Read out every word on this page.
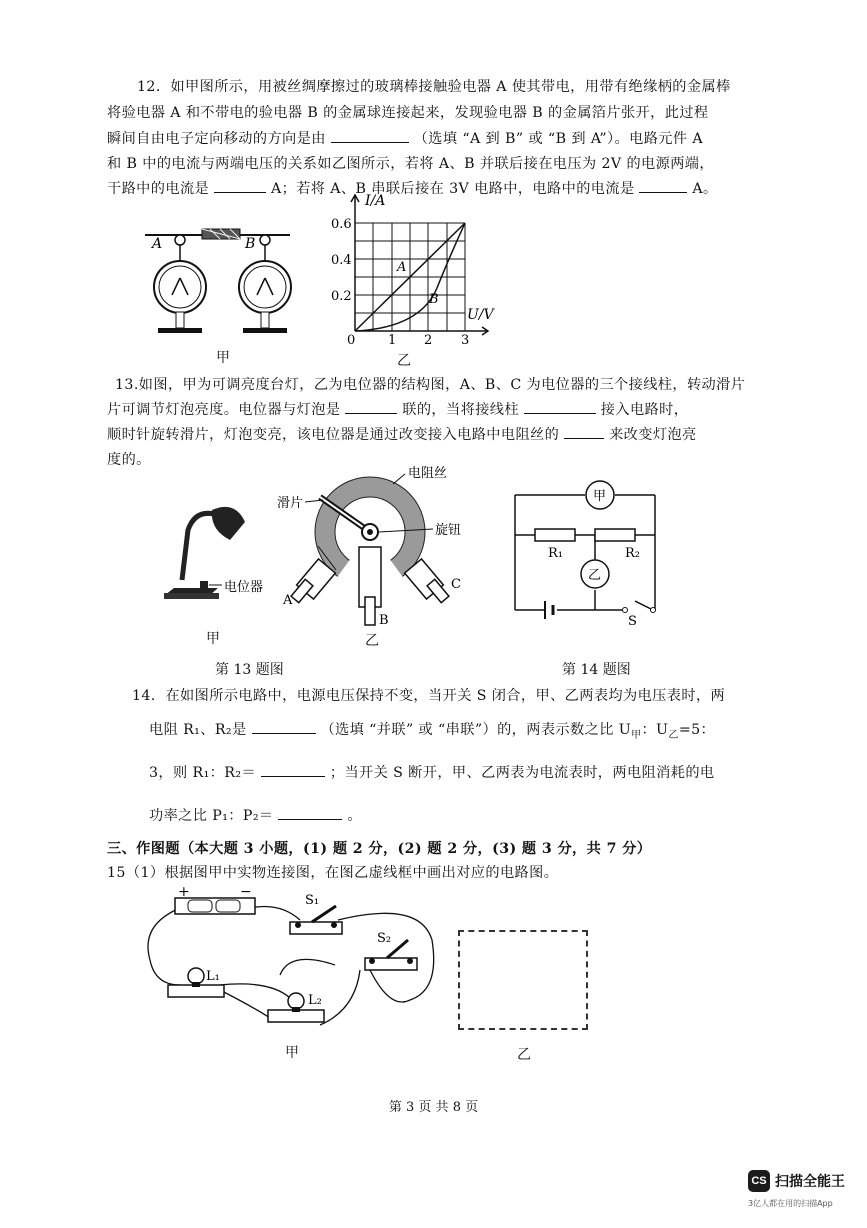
12．如甲图所示，用被丝绸摩擦过的玻璃棒接触验电器 A 使其带电，用带有绝缘柄的金属棒
将验电器 A 和不带电的验电器 B 的金属球连接起来，发现验电器 B 的金属箔片张开，此过程
瞬间自由电子定向移动的方向是由	（选填 “A 到 B” 或 “B 到 A”）。电路元件 A
和 B 中的电流与两端电压的关系如乙图所示，若将 A、B 并联后接在电压为 2V 的电源两端，
干路中的电流是	A；若将 A、B 串联后接在 3V 电路中，电路中的电流是	A。
A	B
甲
I/A
U/V
0.6
0.4
0.2
0	1 2 3
A
B
乙
13.如图，甲为可调亮度台灯，乙为电位器的结构图，A、B、C 为电位器的三个接线柱，转动滑片
片可调节灯泡亮度。电位器与灯泡是	联的，当将接线柱	接入电路时，
顺时针旋转滑片，灯泡变亮，该电位器是通过改变接入电路中电阻丝的	来改变灯泡亮
度的。
电位器
甲
电阻丝
滑片
旋钮
A
B
C
乙
第 13 题图
甲
乙
R₁	R₂
S
第 14 题图
14．在如图所示电路中，电源电压保持不变，当开关 S 闭合，甲、乙两表均为电压表时，两
电阻 R₁、R₂是	（选填 “并联” 或 “串联”）的，两表示数之比 $U_甲$：$U_乙=5$：
3，则 R₁：R₂＝	；当开关 S 断开，甲、乙两表为电流表时，两电阻消耗的电
功率之比 P₁：P₂＝	。
三、作图题（本大题 3 小题，(1) 题 2 分，(2) 题 2 分，(3) 题 3 分，共 7 分）
15（1）根据图甲中实物连接图，在图乙虚线框中画出对应的电路图。
+	−
S₁
S₂
L₁
L₂
甲	乙
第 3 页 共 8 页
CS 扫描全能王
3亿人都在用的扫描App
